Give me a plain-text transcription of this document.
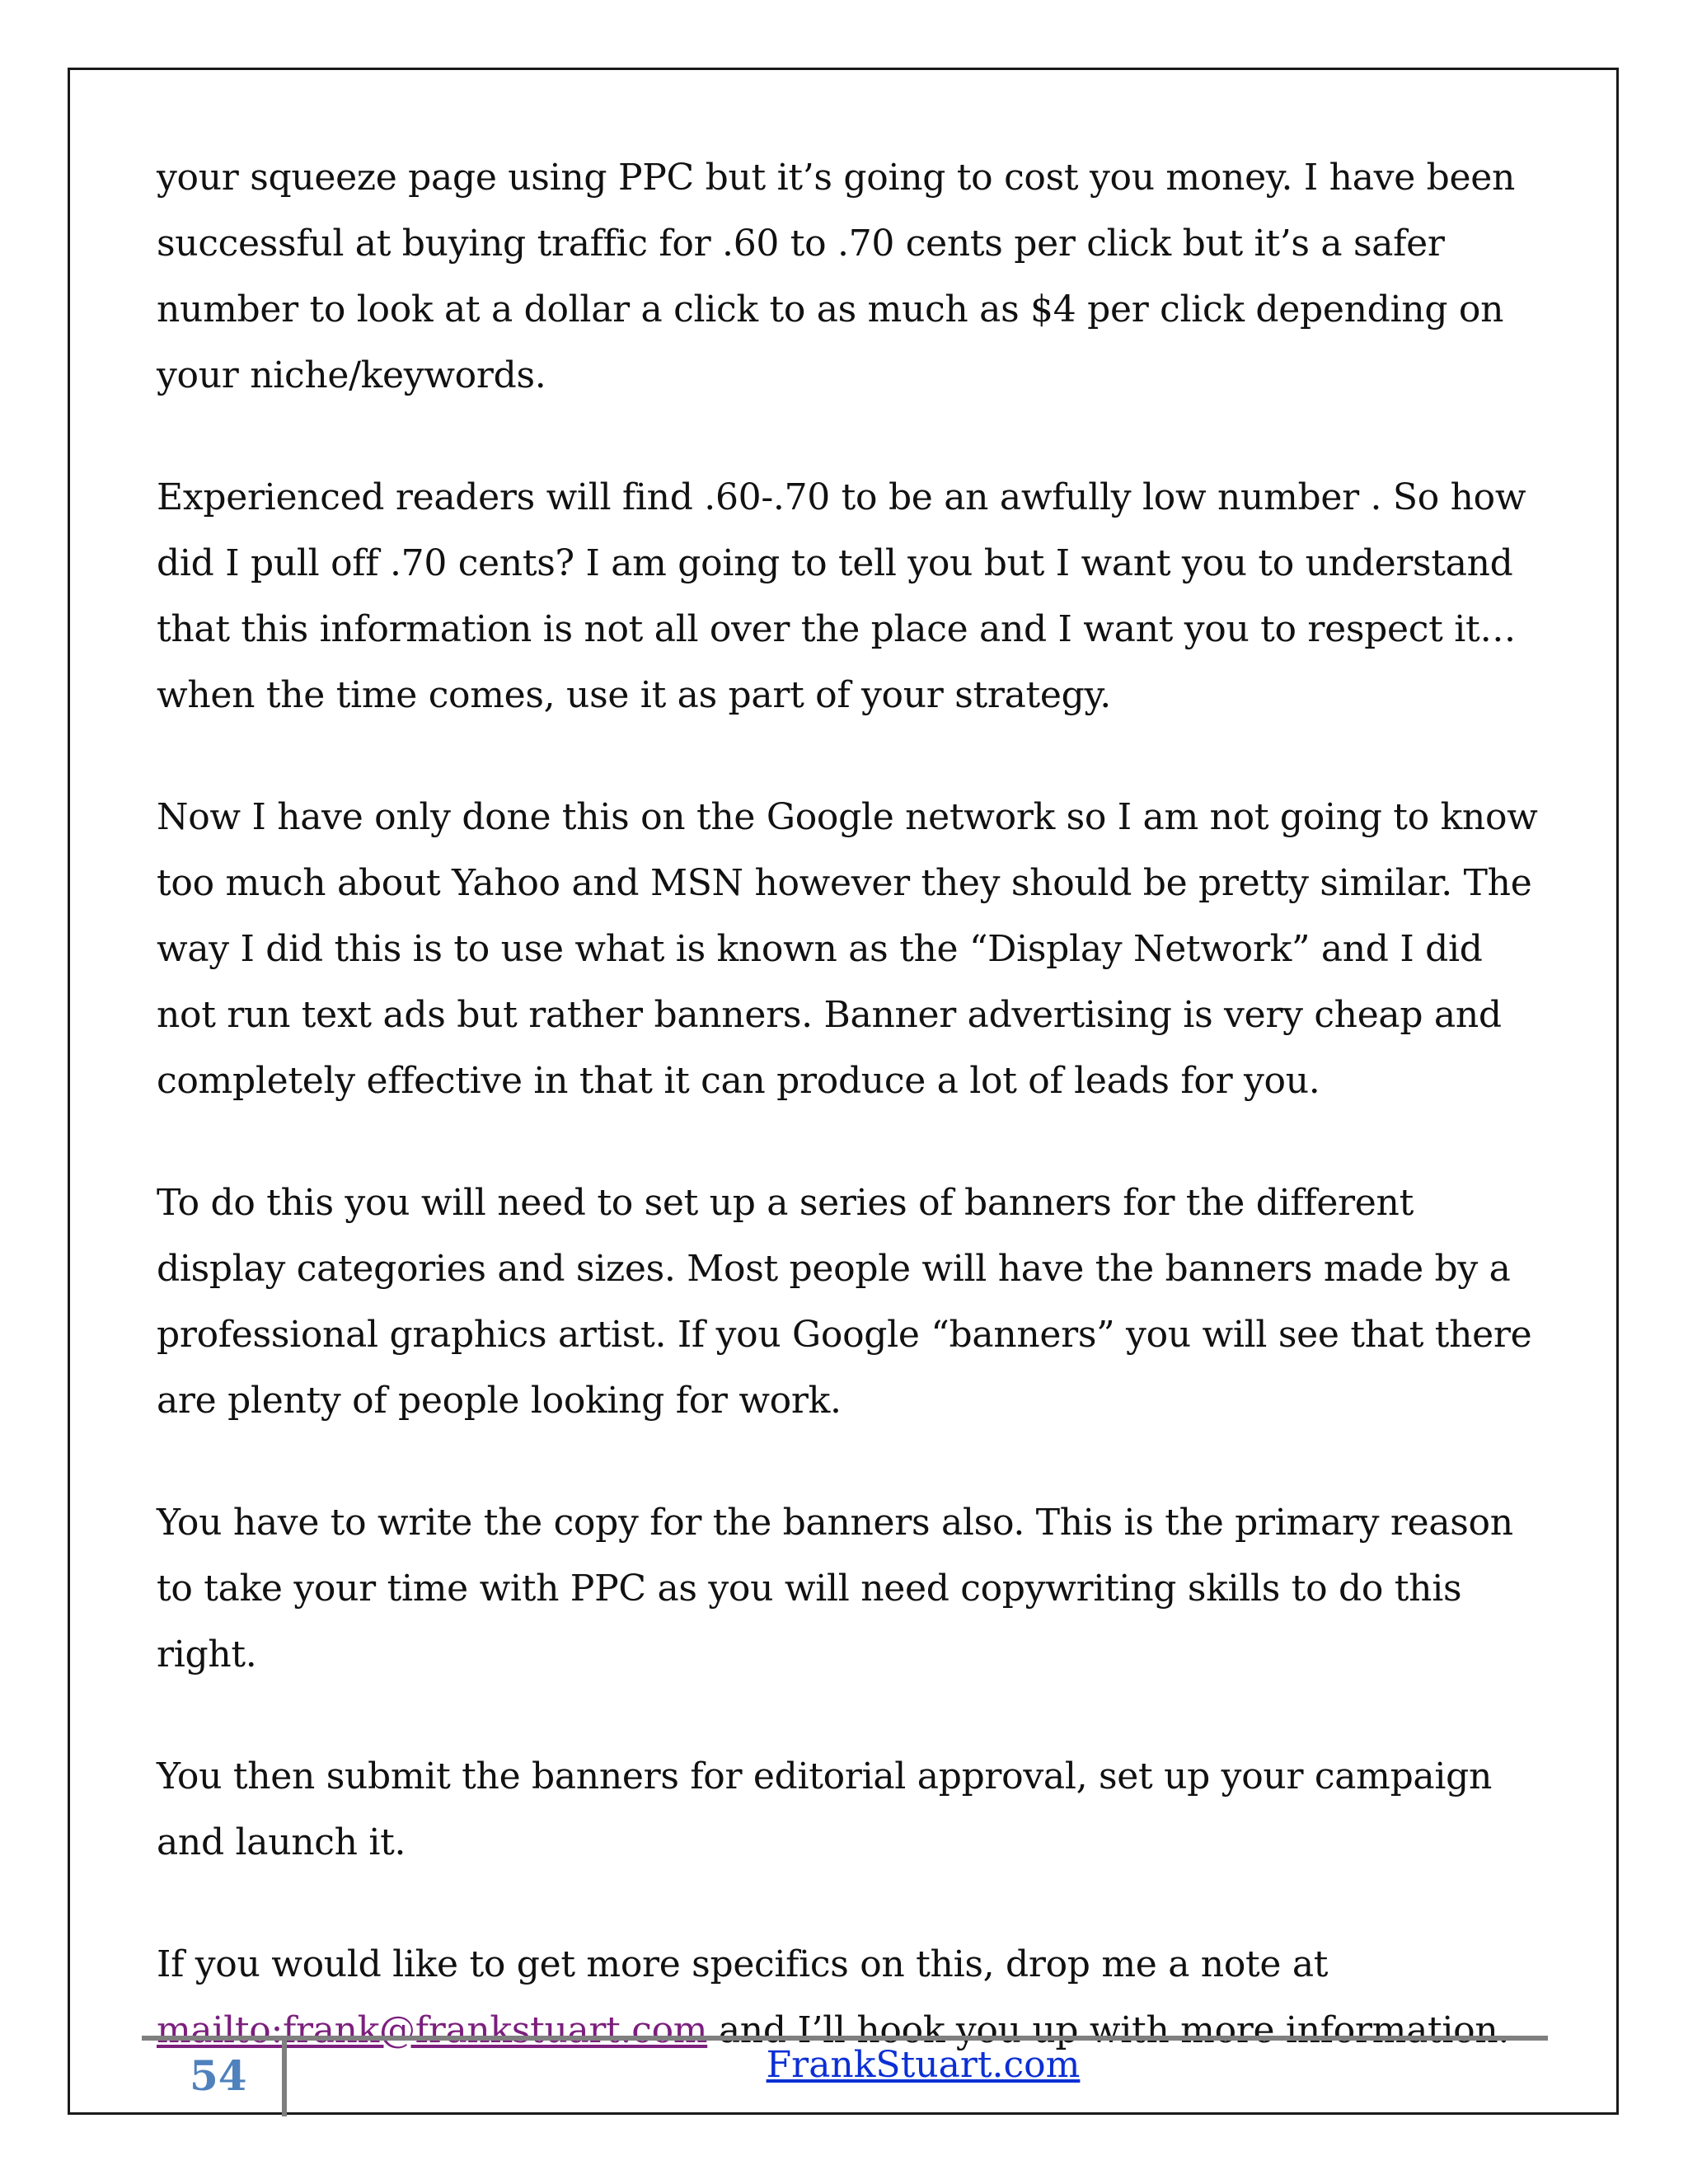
your squeeze page using PPC but it’s going to cost you money. I have been successful at buying traffic for .60 to .70 cents per click but it’s a safer number to look at a dollar a click to as much as $4 per click depending on your niche/keywords.

Experienced readers will find .60-.70 to be an awfully low number . So how did I pull off .70 cents? I am going to tell you but I want you to understand that this information is not all over the place and I want you to respect it… when the time comes, use it as part of your strategy.

Now I have only done this on the Google network so I am not going to know too much about Yahoo and MSN however they should be pretty similar. The way I did this is to use what is known as the “Display Network” and I did not run text ads but rather banners. Banner advertising is very cheap and completely effective in that it can produce a lot of leads for you.

To do this you will need to set up a series of banners for the different display categories and sizes. Most people will have the banners made by a professional graphics artist. If you Google “banners” you will see that there are plenty of people looking for work.

You have to write the copy for the banners also. This is the primary reason to take your time with PPC as you will need copywriting skills to do this right.

You then submit the banners for editorial approval, set up your campaign and launch it.

If you would like to get more specifics on this, drop me a note at mailto:frank@frankstuart.com and I’ll hook you up with more information.

54	FrankStuart.com
